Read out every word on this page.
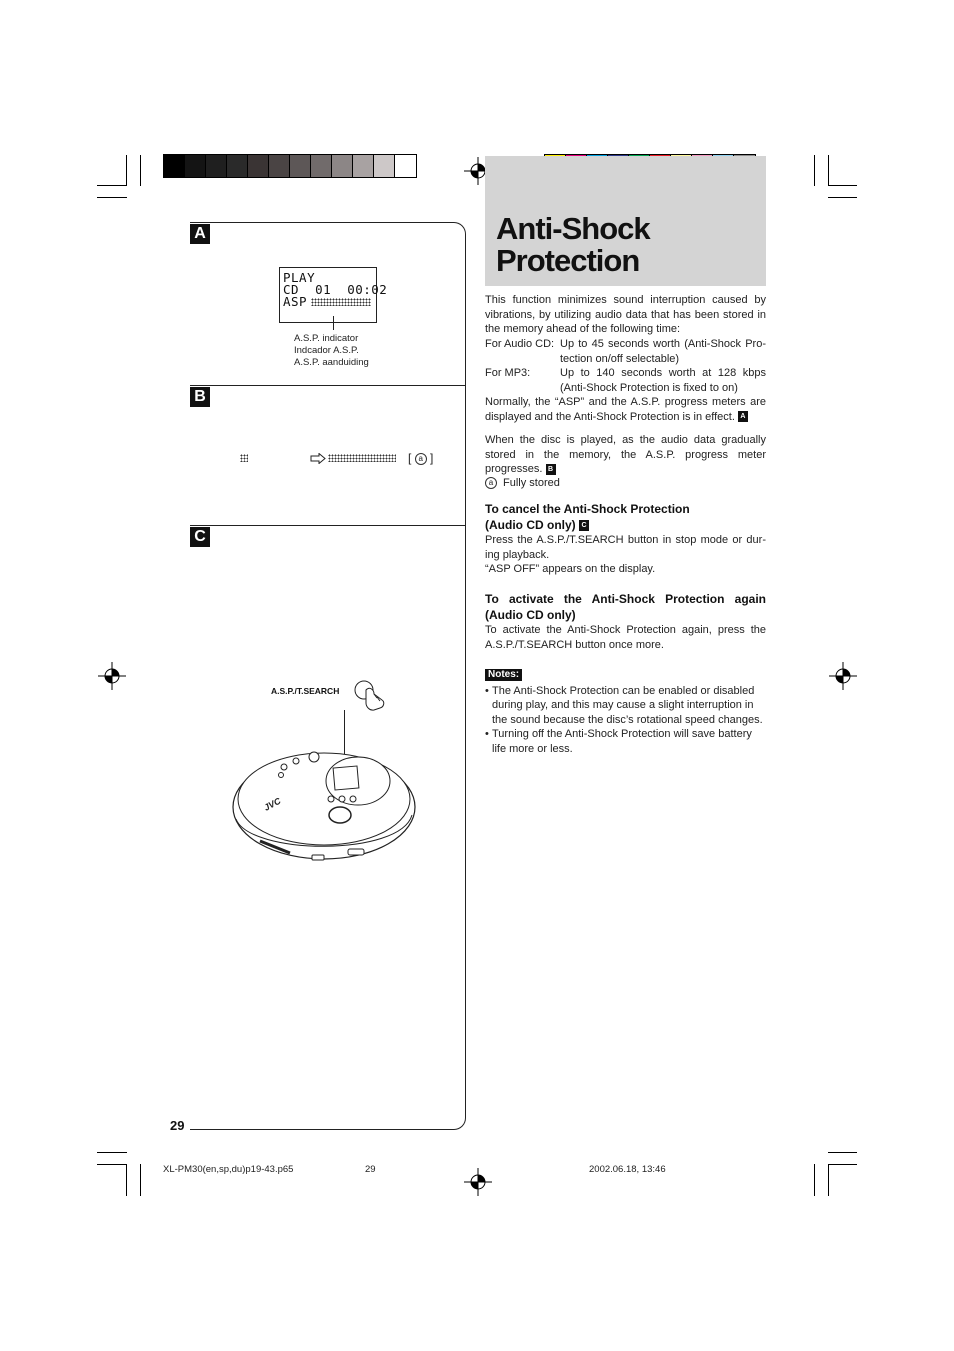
A
B
C
PLAY
CD  01  00:02
ASP
A.S.P. indicator
Indcador A.S.P.
A.S.P. aanduiding
[ a ]
A.S.P./T.SEARCH
JVC
29
Anti-Shock
Protection
This function minimizes sound interruption caused by vibrations, by utilizing audio data that has been stored in the memory ahead of the following time:
For Audio CD: Up to 45 seconds worth (Anti-Shock Pro-tection on/off selectable)
For MP3:	Up to 140 seconds worth at 128 kbps (Anti-Shock Protection is fixed to on)
Normally, the “ASP” and the A.S.P. progress meters are displayed and the Anti-Shock Protection is in effect. A
When the disc is played, as the audio data gradually stored in the memory, the A.S.P. progress meter progresses. B
a Fully stored
To cancel the Anti-Shock Protection
(Audio CD only) C
Press the A.S.P./T.SEARCH button in stop mode or dur-ing playback.
“ASP OFF” appears on the display.
To activate the Anti-Shock Protection again
(Audio CD only)
To activate the Anti-Shock Protection again, press the A.S.P./T.SEARCH button once more.
Notes:
• The Anti-Shock Protection can be enabled or disabled during play, and this may cause a slight interruption in the sound because the disc’s rotational speed changes.
• Turning off the Anti-Shock Protection will save battery life more or less.
XL-PM30(en,sp,du)p19-43.p65	29	2002.06.18, 13:46
